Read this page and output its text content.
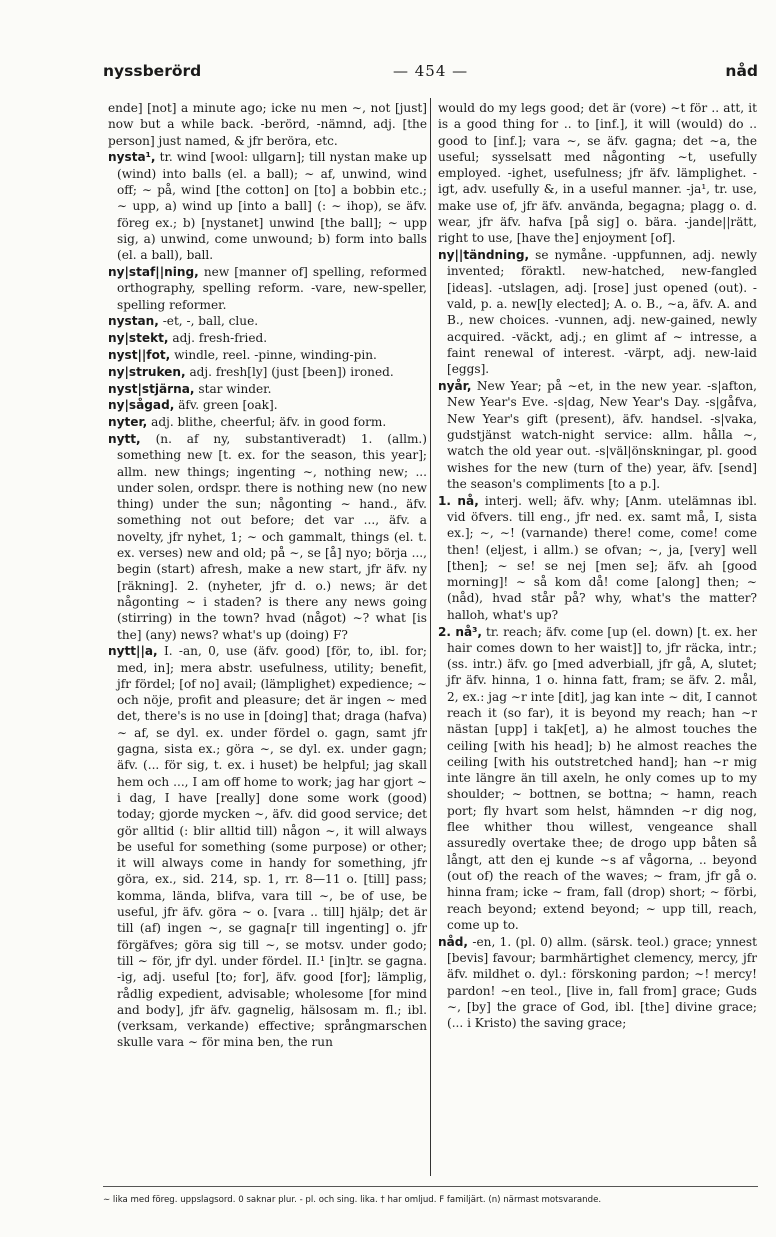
nyssberörd	— 454 —	nåd

ende] [not] a minute ago; icke nu men ∼, not [just] now but a while back. -berörd, -nämnd, adj. [the person] just named, & jfr beröra, etc.

nysta¹, tr. wind [wool: ullgarn]; till nystan make up (wind) into balls (el. a ball); ∼ af, unwind, wind off; ∼ på, wind [the cotton] on [to] a bobbin etc.; ∼ upp, a) wind up [into a ball] (: ∼ ihop), se äfv. föreg ex.; b) [nystanet] unwind [the ball]; ∼ upp sig, a) unwind, come unwound; b) form into balls (el. a ball), ball.

ny|staf||ning, new [manner of] spelling, reformed orthography, spelling reform. -vare, new-speller, spelling reformer.

nystan, -et, -, ball, clue.

ny|stekt, adj. fresh-fried.

nyst||fot, windle, reel. -pinne, winding-pin.

ny|struken, adj. fresh[ly] (just [been]) ironed.

nyst|stjärna, star winder.

ny|sågad, äfv. green [oak].

nyter, adj. blithe, cheerful; äfv. in good form.

nytt, (n. af ny, substantiveradt) 1. (allm.) something new [t. ex. for the season, this year]; allm. new things; ingenting ∼, nothing new; ... under solen, ordspr. there is nothing new (no new thing) under the sun; någonting ∼ hand., äfv. something not out before; det var ..., äfv. a novelty, jfr nyhet, 1; ∼ och gammalt, things (el. t. ex. verses) new and old; på ∼, se [å] nyo; börja ..., begin (start) afresh, make a new start, jfr äfv. ny [räkning]. 2. (nyheter, jfr d. o.) news; är det någonting ∼ i staden? is there any news going (stirring) in the town? hvad (något) ∼? what [is the] (any) news? what's up (doing) F?

nytt||a, I. -an, 0, use (äfv. good) [för, to, ibl. for; med, in]; mera abstr. usefulness, utility; benefit, jfr fördel; [of no] avail; (lämplighet) expedience; ∼ och nöje, profit and pleasure; det är ingen ∼ med det, there's is no use in [doing] that; draga (hafva) ∼ af, se dyl. ex. under fördel o. gagn, samt jfr gagna, sista ex.; göra ∼, se dyl. ex. under gagn; äfv. (... för sig, t. ex. i huset) be helpful; jag skall hem och ..., I am off home to work; jag har gjort ∼ i dag, I have [really] done some work (good) today; gjorde mycken ∼, äfv. did good service; det gör alltid (: blir alltid till) någon ∼, it will always be useful for something (some purpose) or other; it will always come in handy for something, jfr göra, ex., sid. 214, sp. 1, rr. 8—11 o. [till] pass; komma, lända, blifva, vara till ∼, be of use, be useful, jfr äfv. göra ∼ o. [vara .. till] hjälp; det är till (af) ingen ∼, se gagna[r till ingenting] o. jfr förgäfves; göra sig till ∼, se motsv. under godo; till ∼ för, jfr dyl. under fördel. II.¹ [in]tr. se gagna. -ig, adj. useful [to; for], äfv. good [for]; lämplig, rådlig expedient, advisable; wholesome [for mind and body], jfr äfv. gagnelig, hälsosam m. fl.; ibl. (verksam, verkande) effective; språngmarschen skulle vara ∼ för mina ben, the run

would do my legs good; det är (vore) ∼t för .. att, it is a good thing for .. to [inf.], it will (would) do .. good to [inf.]; vara ∼, se äfv. gagna; det ∼a, the useful; sysselsatt med någonting ∼t, usefully employed. -ighet, usefulness; jfr äfv. lämplighet. -igt, adv. usefully &, in a useful manner. -ja¹, tr. use, make use of, jfr äfv. använda, begagna; plagg o. d. wear, jfr äfv. hafva [på sig] o. bära. -jande||rätt, right to use, [have the] enjoyment [of].

ny||tändning, se nymåne. -uppfunnen, adj. newly invented; föraktl. new-hatched, new-fangled [ideas]. -utslagen, adj. [rose] just opened (out). -vald, p. a. new[ly elected]; A. o. B., ∼a, äfv. A. and B., new choices. -vunnen, adj. new-gained, newly acquired. -väckt, adj.; en glimt af ∼ intresse, a faint renewal of interest. -värpt, adj. new-laid [eggs].

nyår, New Year; på ∼et, in the new year. -s|afton, New Year's Eve. -s|dag, New Year's Day. -s|gåfva, New Year's gift (present), äfv. handsel. -s|vaka, gudstjänst watch-night service: allm. hålla ∼, watch the old year out. -s|väl|önskningar, pl. good wishes for the new (turn of the) year, äfv. [send] the season's compliments [to a p.].

1. nå, interj. well; äfv. why; [Anm. utelämnas ibl. vid öfvers. till eng., jfr ned. ex. samt må, I, sista ex.]; ∼, ∼! (varnande) there! come, come! come then! (eljest, i allm.) se ofvan; ∼, ja, [very] well [then]; ∼ se! se nej [men se]; äfv. ah [good morning]! ∼ så kom då! come [along] then; ∼ (nåd), hvad står på? why, what's the matter? halloh, what's up?

2. nå³, tr. reach; äfv. come [up (el. down) [t. ex. her hair comes down to her waist]] to, jfr räcka, intr.; (ss. intr.) äfv. go [med adverbiall, jfr gå, A, slutet; jfr äfv. hinna, 1 o. hinna fatt, fram; se äfv. 2. mål, 2, ex.: jag ∼r inte [dit], jag kan inte ∼ dit, I cannot reach it (so far), it is beyond my reach; han ∼r nästan [upp] i tak[et], a) he almost touches the ceiling [with his head]; b) he almost reaches the ceiling [with his outstretched hand]; han ∼r mig inte längre än till axeln, he only comes up to my shoulder; ∼ bottnen, se bottna; ∼ hamn, reach port; fly hvart som helst, hämnden ∼r dig nog, flee whither thou willest, vengeance shall assuredly overtake thee; de drogo upp båten så långt, att den ej kunde ∼s af vågorna, .. beyond (out of) the reach of the waves; ∼ fram, jfr gå o. hinna fram; icke ∼ fram, fall (drop) short; ∼ förbi, reach beyond; extend beyond; ∼ upp till, reach, come up to.

nåd, -en, 1. (pl. 0) allm. (särsk. teol.) grace; ynnest [bevis] favour; barmhärtighet clemency, mercy, jfr äfv. mildhet o. dyl.: förskoning pardon; ∼! mercy! pardon! ∼en teol., [live in, fall from] grace; Guds ∼, [by] the grace of God, ibl. [the] divine grace; (... i Kristo) the saving grace;

∼ lika med föreg. uppslagsord. 0 saknar plur. - pl. och sing. lika. † har omljud. F familjärt. (n) närmast motsvarande.
